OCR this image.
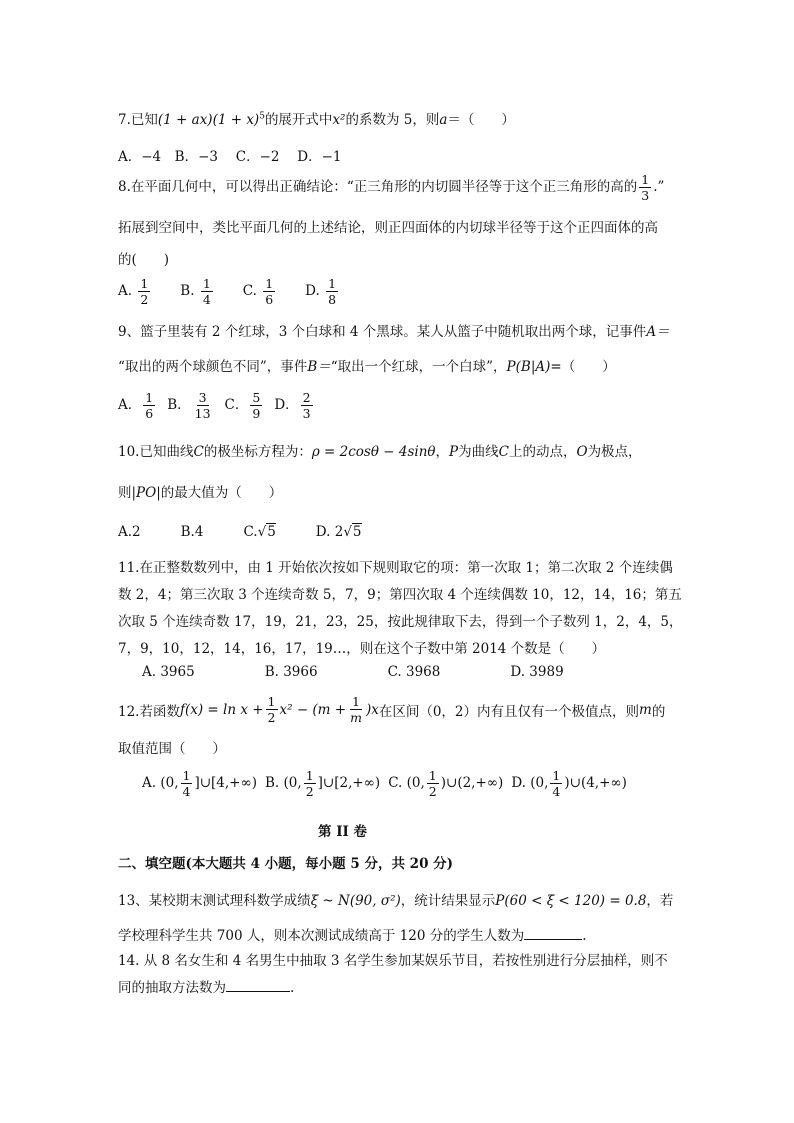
7.已知$(1 + ax)(1 + x)^5$的展开式中x²的系数为 5，则a＝（　　）
A．−4　B．−3　 C．−2　 D．−1
8.在平面几何中，可以得出正确结论：“正三角形的内切圆半径等于这个正三角形的高的 $\frac{1}{3}$ .”
拓展到空间中，类比平面几何的上述结论，则正四面体的内切球半径等于这个正四面体的高
的(　　)
A. $\frac{1}{2} B$. $\frac{1}{4} C$. $\frac{1}{6} D$. $\frac{1}{8}$
9、篮子里装有 2 个红球，3 个白球和 4 个黑球。某人从篮子中随机取出两个球，记事件A＝
“取出的两个球颜色不同”，事件B＝“取出一个红球，一个白球”，P(B|A)=（　　）
A． $\frac{1}{6}$ B． $\frac{3}{13}$ C． $\frac{5}{9}$ D． $\frac{2}{3}$
10.已知曲线C的极坐标方程为：ρ = 2cosθ − 4sinθ，P为曲线C上的动点，O为极点，
则|PO|的最大值为（　　）
A.2	B.4	C.√5	D. 2√5
11.在正整数数列中，由 1 开始依次按如下规则取它的项：第一次取 1；第二次取 2 个连续偶
数 2，4；第三次取 3 个连续奇数 5，7，9；第四次取 4 个连续偶数 10，12，14，16；第五
次取 5 个连续奇数 17，19，21，23，25，按此规律取下去，得到一个子数列 1，2，4，5，
7，9，10，12，14，16，17，19…，则在这个子数中第 2014 个数是（　　）
A. 3965	B. 3966	C. 3968	D. 3989
12.若函数 $f(x) = \ln x + \frac{1}{2} x^2 - (m + \frac{1}{m} )x$ 在区间（0，2）内有且仅有一个极值点，则 m 的
取值范围（　　）
A. (0, $\frac{1}{4}$ ]∪[4,+∞) B. (0, $\frac{1}{2}$ ]∪[2,+∞) C. (0, $\frac{1}{2}$ )∪(2,+∞) D. (0, $\frac{1}{4}$ )∪(4,+∞)
第 II 卷
二、填空题(本大题共 4 小题，每小题 5 分，共 20 分)
13、某校期末测试理科数学成绩ξ ~ N(90, σ²)，统计结果显示P(60 < ξ < 120) = 0.8，若
学校理科学生共 700 人，则本次测试成绩高于 120 分的学生人数为	.
14. 从 8 名女生和 4 名男生中抽取 3 名学生参加某娱乐节目，若按性别进行分层抽样，则不
同的抽取方法数为	.
